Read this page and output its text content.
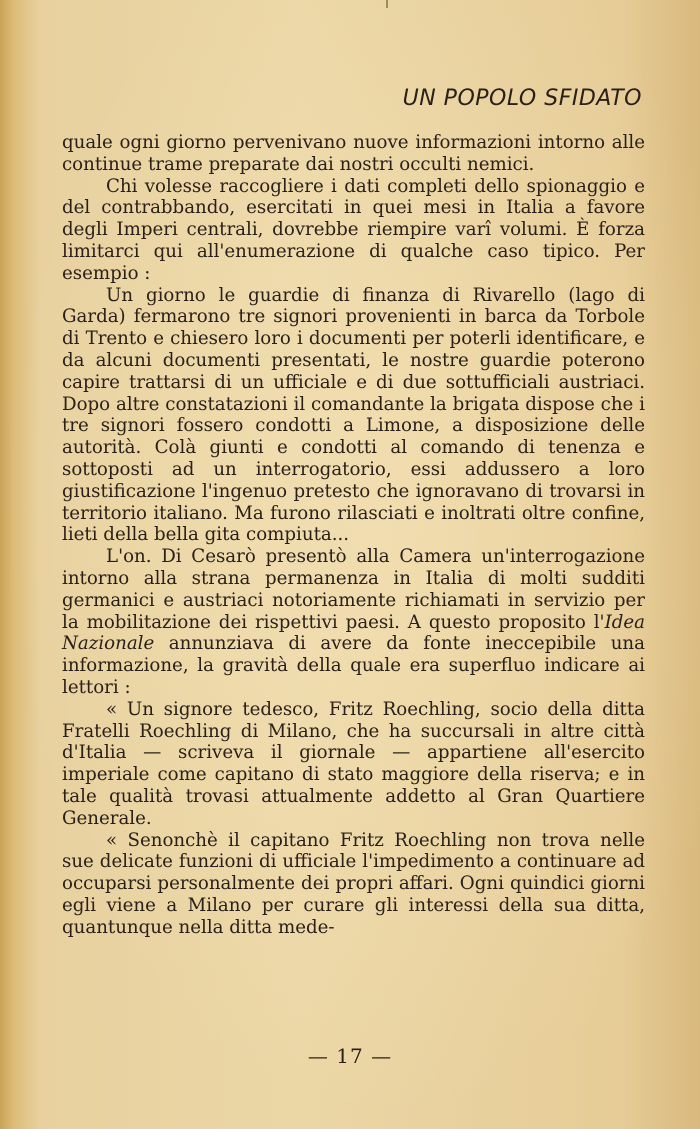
UN POPOLO SFIDATO

quale ogni giorno pervenivano nuove informazioni intorno alle continue trame preparate dai nostri occulti nemici.

Chi volesse raccogliere i dati completi dello spionaggio e del contrabbando, esercitati in quei mesi in Italia a favore degli Imperi centrali, dovrebbe riempire varî volumi. È forza limitarci qui all'enumerazione di qualche caso tipico. Per esempio :

Un giorno le guardie di finanza di Rivarello (lago di Garda) fermarono tre signori provenienti in barca da Torbole di Trento e chiesero loro i documenti per poterli identificare, e da alcuni documenti presentati, le nostre guardie poterono capire trattarsi di un ufficiale e di due sottufficiali austriaci. Dopo altre constatazioni il comandante la brigata dispose che i tre signori fossero condotti a Limone, a disposizione delle autorità. Colà giunti e condotti al comando di tenenza e sottoposti ad un interrogatorio, essi addussero a loro giustificazione l'ingenuo pretesto che ignoravano di trovarsi in territorio italiano. Ma furono rilasciati e inoltrati oltre confine, lieti della bella gita compiuta...

L'on. Di Cesarò presentò alla Camera un'interrogazione intorno alla strana permanenza in Italia di molti sudditi germanici e austriaci notoriamente richiamati in servizio per la mobilitazione dei rispettivi paesi. A questo proposito l'Idea Nazionale annunziava di avere da fonte ineccepibile una informazione, la gravità della quale era superfluo indicare ai lettori :

« Un signore tedesco, Fritz Roechling, socio della ditta Fratelli Roechling di Milano, che ha succursali in altre città d'Italia — scriveva il giornale — appartiene all'esercito imperiale come capitano di stato maggiore della riserva; e in tale qualità trovasi attualmente addetto al Gran Quartiere Generale.

« Senonchè il capitano Fritz Roechling non trova nelle sue delicate funzioni di ufficiale l'impedimento a continuare ad occuparsi personalmente dei propri affari. Ogni quindici giorni egli viene a Milano per curare gli interessi della sua ditta, quantunque nella ditta mede-

— 17 —
